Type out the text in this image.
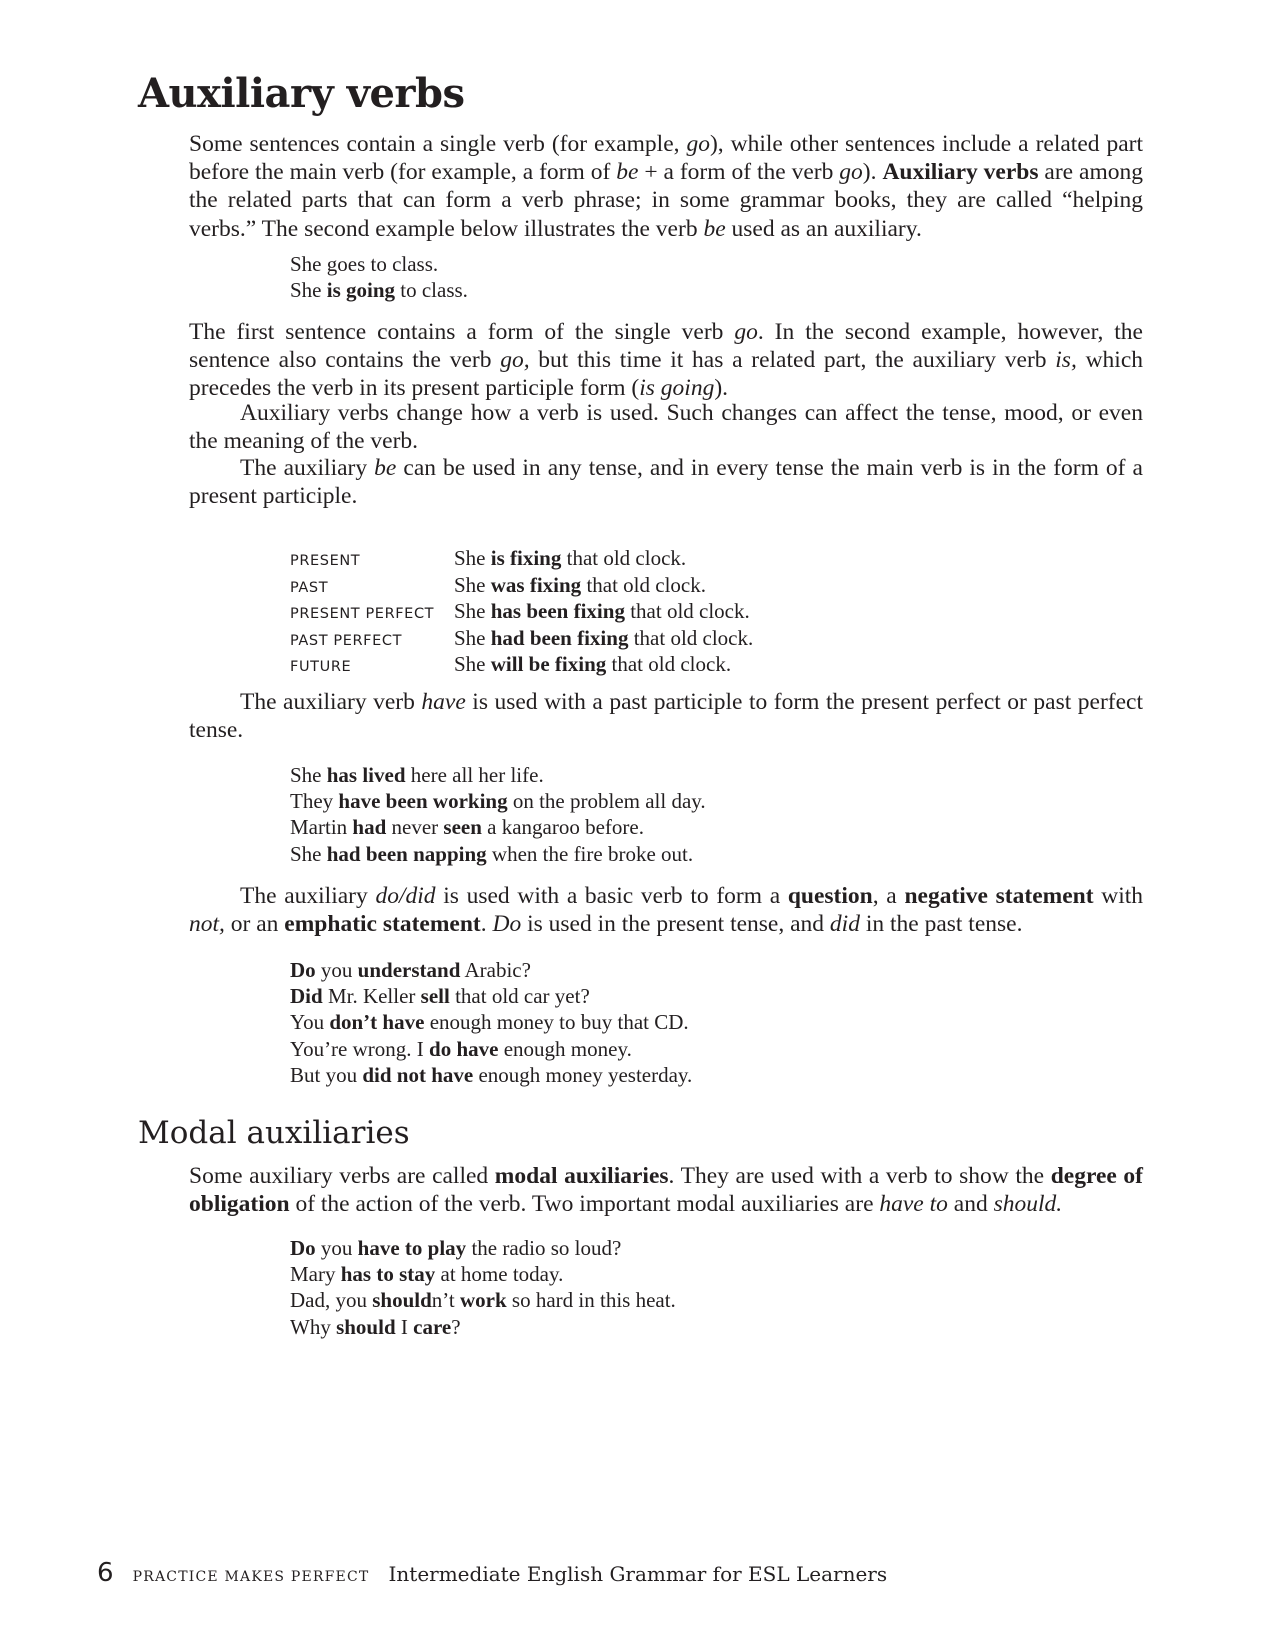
Auxiliary verbs

Some sentences contain a single verb (for example, go), while other sentences include a related part before the main verb (for example, a form of be + a form of the verb go). Auxiliary verbs are among the related parts that can form a verb phrase; in some grammar books, they are called “helping verbs.” The second example below illustrates the verb be used as an auxiliary.

She goes to class.
She is going to class.

The first sentence contains a form of the single verb go. In the second example, however, the sentence also contains the verb go, but this time it has a related part, the auxiliary verb is, which precedes the verb in its present participle form (is going).

Auxiliary verbs change how a verb is used. Such changes can affect the tense, mood, or even the meaning of the verb.

The auxiliary be can be used in any tense, and in every tense the main verb is in the form of a present participle.

PRESENT	She is fixing that old clock.
PAST	She was fixing that old clock.
PRESENT PERFECT She has been fixing that old clock.
PAST PERFECT She had been fixing that old clock.
FUTURE	She will be fixing that old clock.

The auxiliary verb have is used with a past participle to form the present perfect or past perfect tense.

She has lived here all her life.
They have been working on the problem all day.
Martin had never seen a kangaroo before.
She had been napping when the fire broke out.

The auxiliary do/did is used with a basic verb to form a question, a negative statement with not, or an emphatic statement. Do is used in the present tense, and did in the past tense.

Do you understand Arabic?
Did Mr. Keller sell that old car yet?
You don’t have enough money to buy that CD.
You’re wrong. I do have enough money.
But you did not have enough money yesterday.
Modal auxiliaries

Some auxiliary verbs are called modal auxiliaries. They are used with a verb to show the degree of obligation of the action of the verb. Two important modal auxiliaries are have to and should.

Do you have to play the radio so loud?
Mary has to stay at home today.
Dad, you shouldn’t work so hard in this heat.
Why should I care?
6 PRACTICE MAKES PERFECT Intermediate English Grammar for ESL Learners
